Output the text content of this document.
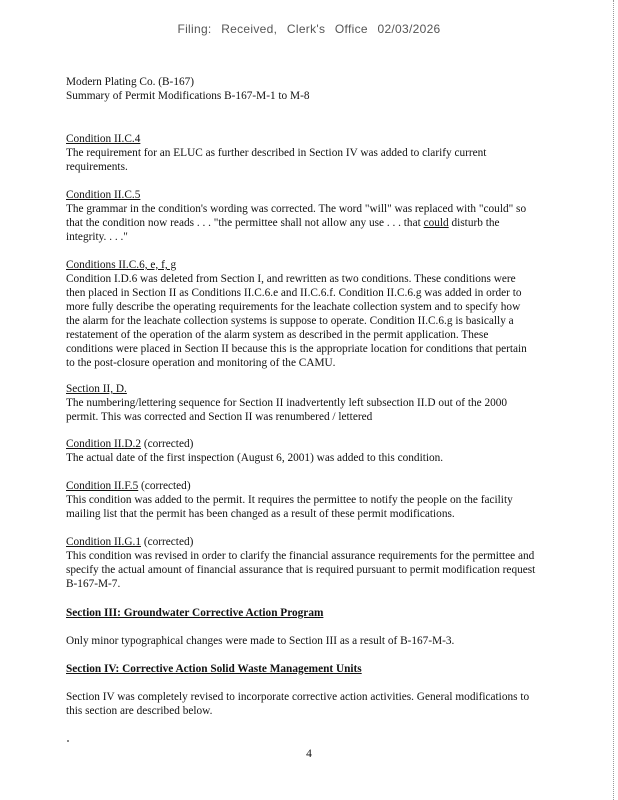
Filing: Received, Clerk's Office 02/03/2026
Modern Plating Co. (B-167)
Summary of Permit Modifications B-167-M-1 to M-8
Condition II.C.4
The requirement for an ELUC as further described in Section IV was added to clarify current requirements.
Condition II.C.5
The grammar in the condition's wording was corrected. The word "will" was replaced with "could" so that the condition now reads . . . "the permittee shall not allow any use . . . that could disturb the integrity. . . ."
Conditions II.C.6, e, f, g
Condition I.D.6 was deleted from Section I, and rewritten as two conditions. These conditions were then placed in Section II as Conditions II.C.6.e and II.C.6.f. Condition II.C.6.g was added in order to more fully describe the operating requirements for the leachate collection system and to specify how the alarm for the leachate collection systems is suppose to operate. Condition II.C.6.g is basically a restatement of the operation of the alarm system as described in the permit application. These conditions were placed in Section II because this is the appropriate location for conditions that pertain to the post-closure operation and monitoring of the CAMU.
Section II, D.
The numbering/lettering sequence for Section II inadvertently left subsection II.D out of the 2000 permit. This was corrected and Section II was renumbered / lettered
Condition II.D.2 (corrected)
The actual date of the first inspection (August 6, 2001) was added to this condition.
Condition II.F.5 (corrected)
This condition was added to the permit. It requires the permittee to notify the people on the facility mailing list that the permit has been changed as a result of these permit modifications.
Condition II.G.1 (corrected)
This condition was revised in order to clarify the financial assurance requirements for the permittee and specify the actual amount of financial assurance that is required pursuant to permit modification request B-167-M-7.
Section III: Groundwater Corrective Action Program
Only minor typographical changes were made to Section III as a result of B-167-M-3.
Section IV: Corrective Action Solid Waste Management Units
Section IV was completely revised to incorporate corrective action activities. General modifications to this section are described below.
4
